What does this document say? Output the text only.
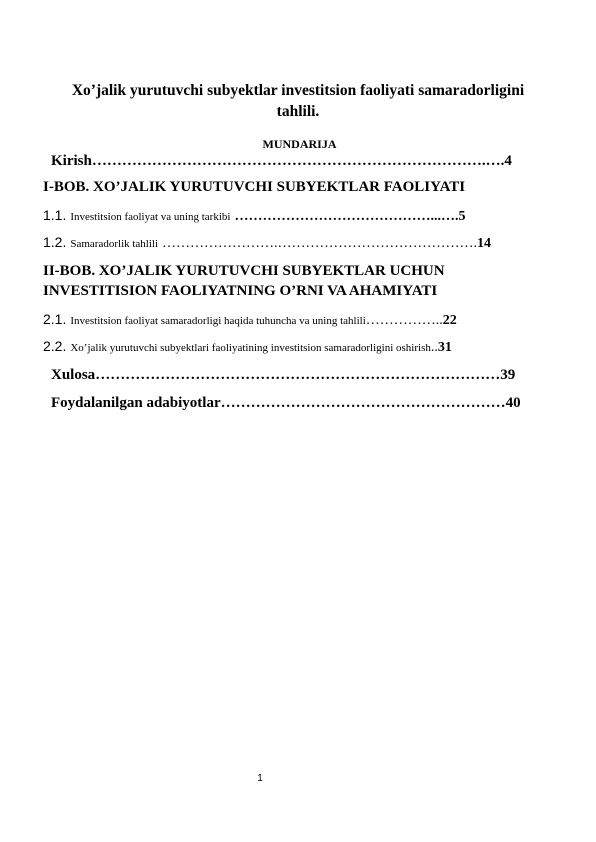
Xo’jalik yurutuvchi subyektlar investitsion faoliyati samaradorligini tahlili.
MUNDARIJA
Kirish…………………………………………………………………….….4
I-BOB. XO’JALIK YURUTUVCHI SUBYEKTLAR FAOLIYATI
1.1. Investitsion faoliyat va uning tarkibi ……………………………………...….5
1.2. Samaradorlik tahlili …………………….…………………………………….14
II-BOB. XO’JALIK YURUTUVCHI SUBYEKTLAR UCHUN
INVESTITISION FAOLIYATNING O’RNI VA AHAMIYATI
2.1. Investitsion faoliyat samaradorligi haqida tuhuncha va uning tahlili……………..22
2.2. Xo’jalik yurutuvchi subyektlari faoliyatining investitsion samaradorligini oshirish..31
Xulosa………………………………………………………………………39
Foydalanilgan adabiyotlar…………………………………………………40
1
